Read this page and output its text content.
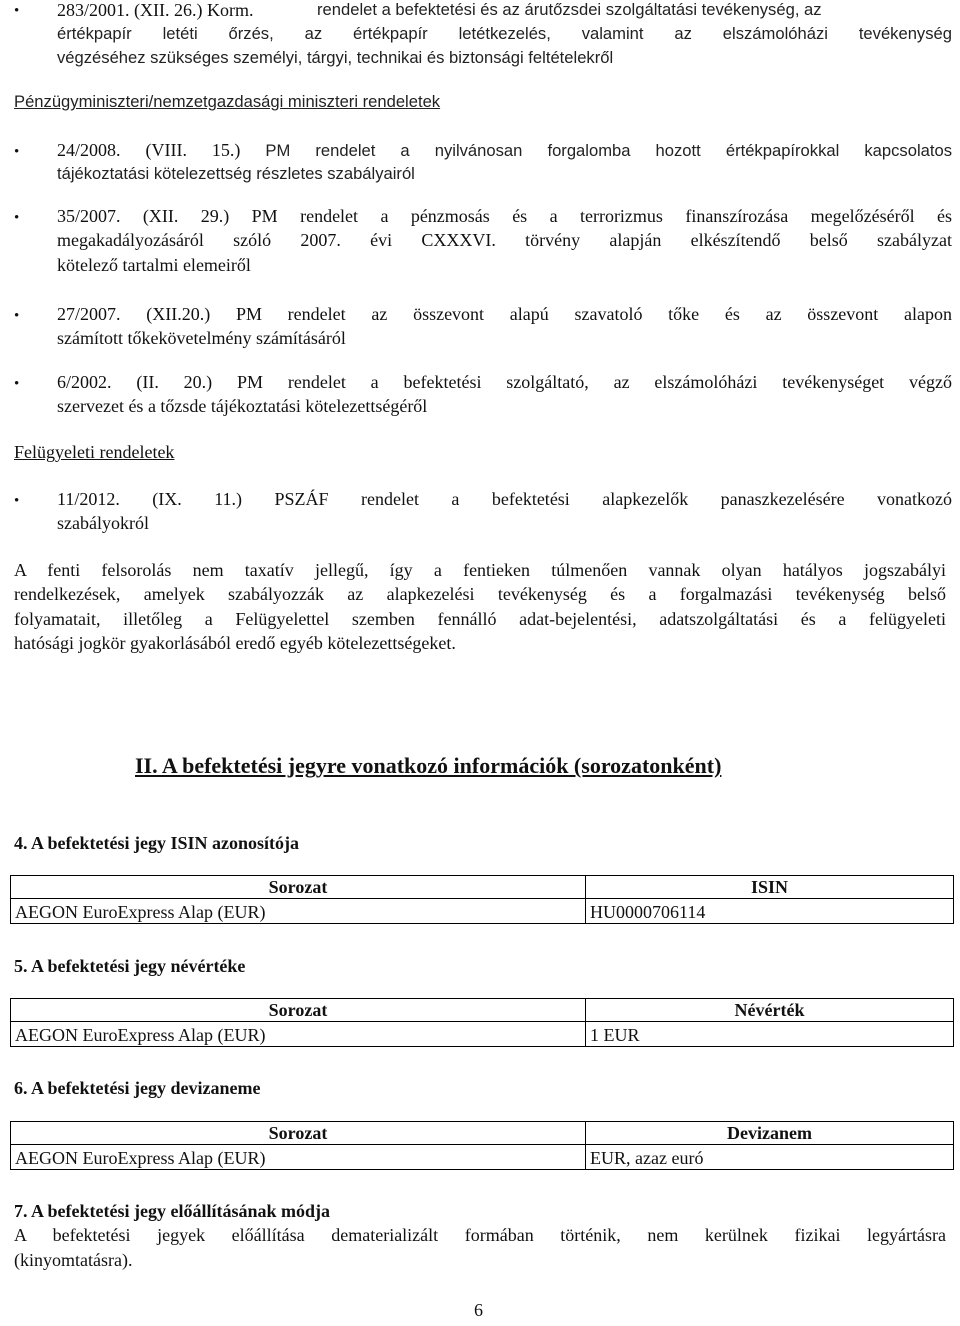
• 283/2001. (XII. 26.) Korm.	rendelet a befektetési és az árutőzsdei szolgáltatási tevékenység, az
értékpapír letéti őrzés, az értékpapír letétkezelés, valamint az elszámolóházi tevékenység
végzéséhez szükséges személyi, tárgyi, technikai és biztonsági feltételekről
Pénzügyminiszteri/nemzetgazdasági miniszteri rendeletek
• 24/2008. (VIII. 15.) PM rendelet a nyilvánosan forgalomba hozott értékpapírokkal kapcsolatos
tájékoztatási kötelezettség részletes szabályairól
• 35/2007. (XII. 29.) PM rendelet a pénzmosás és a terrorizmus finanszírozása megelőzéséről és
megakadályozásáról szóló 2007. évi CXXXVI. törvény alapján elkészítendő belső szabályzat
kötelező tartalmi elemeiről
• 27/2007. (XII.20.) PM rendelet az összevont alapú szavatoló tőke és az összevont alapon
számított tőkekövetelmény számításáról
• 6/2002. (II. 20.) PM rendelet a befektetési szolgáltató, az elszámolóházi tevékenységet végző
szervezet és a tőzsde tájékoztatási kötelezettségéről
Felügyeleti rendeletek
• 11/2012. (IX. 11.) PSZÁF rendelet a befektetési alapkezelők panaszkezelésére vonatkozó
szabályokról
A fenti felsorolás nem taxatív jellegű, így a fentieken túlmenően vannak olyan hatályos jogszabályi
rendelkezések, amelyek szabályozzák az alapkezelési tevékenység és a forgalmazási tevékenység belső
folyamatait, illetőleg a Felügyelettel szemben fennálló adat-bejelentési, adatszolgáltatási és a felügyeleti
hatósági jogkör gyakorlásából eredő egyéb kötelezettségeket.
II. A befektetési jegyre vonatkozó információk (sorozatonként)
4. A befektetési jegy ISIN azonosítója
Sorozat	ISIN
AEGON EuroExpress Alap (EUR)	HU0000706114
5. A befektetési jegy névértéke
Sorozat	Névérték
AEGON EuroExpress Alap (EUR)	1 EUR
6. A befektetési jegy devizaneme
Sorozat	Devizanem
AEGON EuroExpress Alap (EUR)	EUR, azaz euró
7. A befektetési jegy előállításának módja
A befektetési jegyek előállítása dematerializált formában történik, nem kerülnek fizikai legyártásra
(kinyomtatásra).
6
